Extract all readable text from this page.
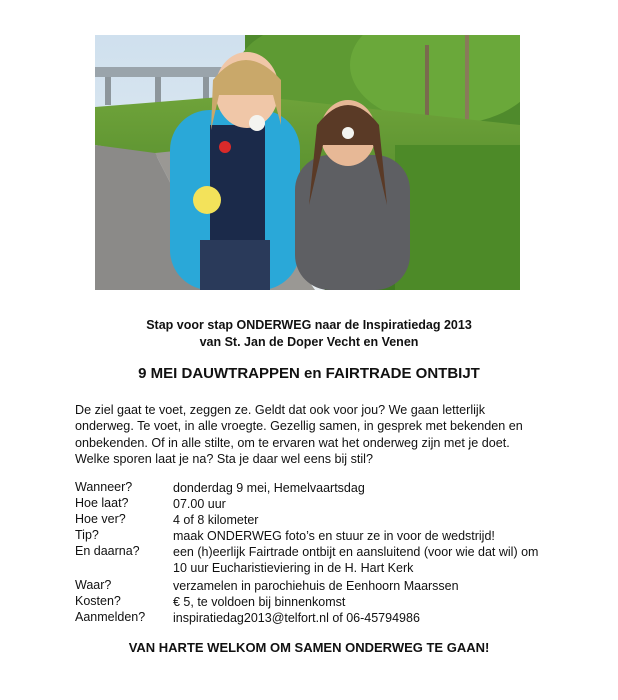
Stap voor stap ONDERWEG naar de Inspiratiedag 2013
van St. Jan de Doper Vecht en Venen
9 MEI DAUWTRAPPEN en FAIRTRADE ONTBIJT

De ziel gaat te voet, zeggen ze. Geldt dat ook voor jou? We gaan letterlijk onderweg. Te voet, in alle vroegte. Gezellig samen, in gesprek met bekenden en onbekenden. Of in alle stilte, om te ervaren wat het onderweg zijn met je doet. Welke sporen laat je na? Sta je daar wel eens bij stil?

Wanneer?	donderdag 9 mei, Hemelvaartsdag
Hoe laat?	07.00 uur
Hoe ver?	4 of 8 kilometer
Tip?	maak ONDERWEG foto’s en stuur ze in voor de wedstrijd!
En daarna?	een (h)eerlijk Fairtrade ontbijt en aansluitend (voor wie dat wil) om 10 uur Eucharistieviering in de H. Hart Kerk
Waar?	verzamelen in parochiehuis de Eenhoorn Maarssen
Kosten?	€ 5, te voldoen bij binnenkomst
Aanmelden?	inspiratiedag2013@telfort.nl of 06-45794986
VAN HARTE WELKOM OM SAMEN ONDERWEG TE GAAN!
